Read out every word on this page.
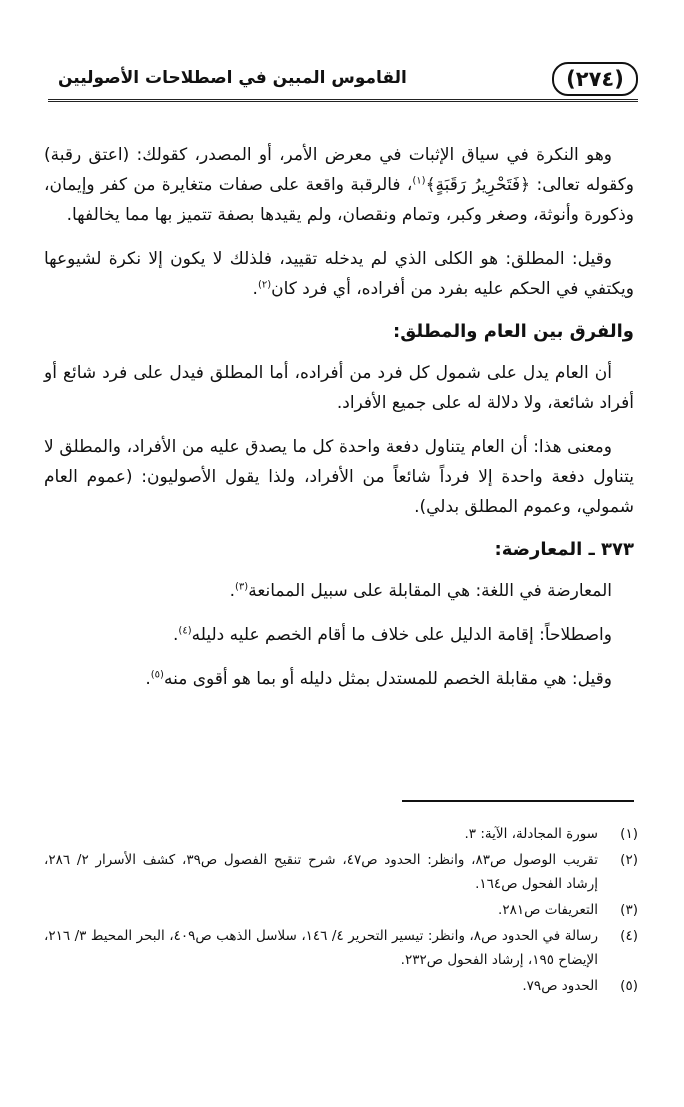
(٢٧٤)
القاموس المبين في اصطلاحات الأصوليين

وهو النكرة في سياق الإثبات في معرض الأمر، أو المصدر، كقولك: (اعتق رقبة) وكقوله تعالى: ﴿فَتَحْرِيرُ رَقَبَةٍ﴾$^{(١)}$، فالرقبة واقعة على صفات متغايرة من كفر وإيمان، وذكورة وأنوثة، وصغر وكبر، وتمام ونقصان، ولم يقيدها بصفة تتميز بها مما يخالفها.

وقيل: المطلق: هو الكلى الذي لم يدخله تقييد، فلذلك لا يكون إلا نكرة لشيوعها ويكتفي في الحكم عليه بفرد من أفراده، أي فرد كان$^{(٢)}$.

والفرق بين العام والمطلق:

أن العام يدل على شمول كل فرد من أفراده، أما المطلق فيدل على فرد شائع أو أفراد شائعة، ولا دلالة له على جميع الأفراد.

ومعنى هذا: أن العام يتناول دفعة واحدة كل ما يصدق عليه من الأفراد، والمطلق لا يتناول دفعة واحدة إلا فرداً شائعاً من الأفراد، ولذا يقول الأصوليون: (عموم العام شمولي، وعموم المطلق بدلي).

٣٧٣ ـ المعارضة:

المعارضة في اللغة: هي المقابلة على سبيل الممانعة$^{(٣)}$.

واصطلاحاً: إقامة الدليل على خلاف ما أقام الخصم عليه دليله$^{(٤)}$.

وقيل: هي مقابلة الخصم للمستدل بمثل دليله أو بما هو أقوى منه$^{(٥)}$.

(١)
سورة المجادلة، الآية: ٣.
(٢)
تقريب الوصول ص٨٣، وانظر: الحدود ص٤٧، شرح تنقيح الفصول ص٣٩، كشف الأسرار ٢/ ٢٨٦، إرشاد الفحول ص١٦٤.
(٣)
التعريفات ص٢٨١.
(٤)
رسالة في الحدود ص٨، وانظر: تيسير التحرير ٤/ ١٤٦، سلاسل الذهب ص٤٠٩، البحر المحيط ٣/ ٢١٦، الإيضاح ١٩٥، إرشاد الفحول ص٢٣٢.
(٥)
الحدود ص٧٩.
